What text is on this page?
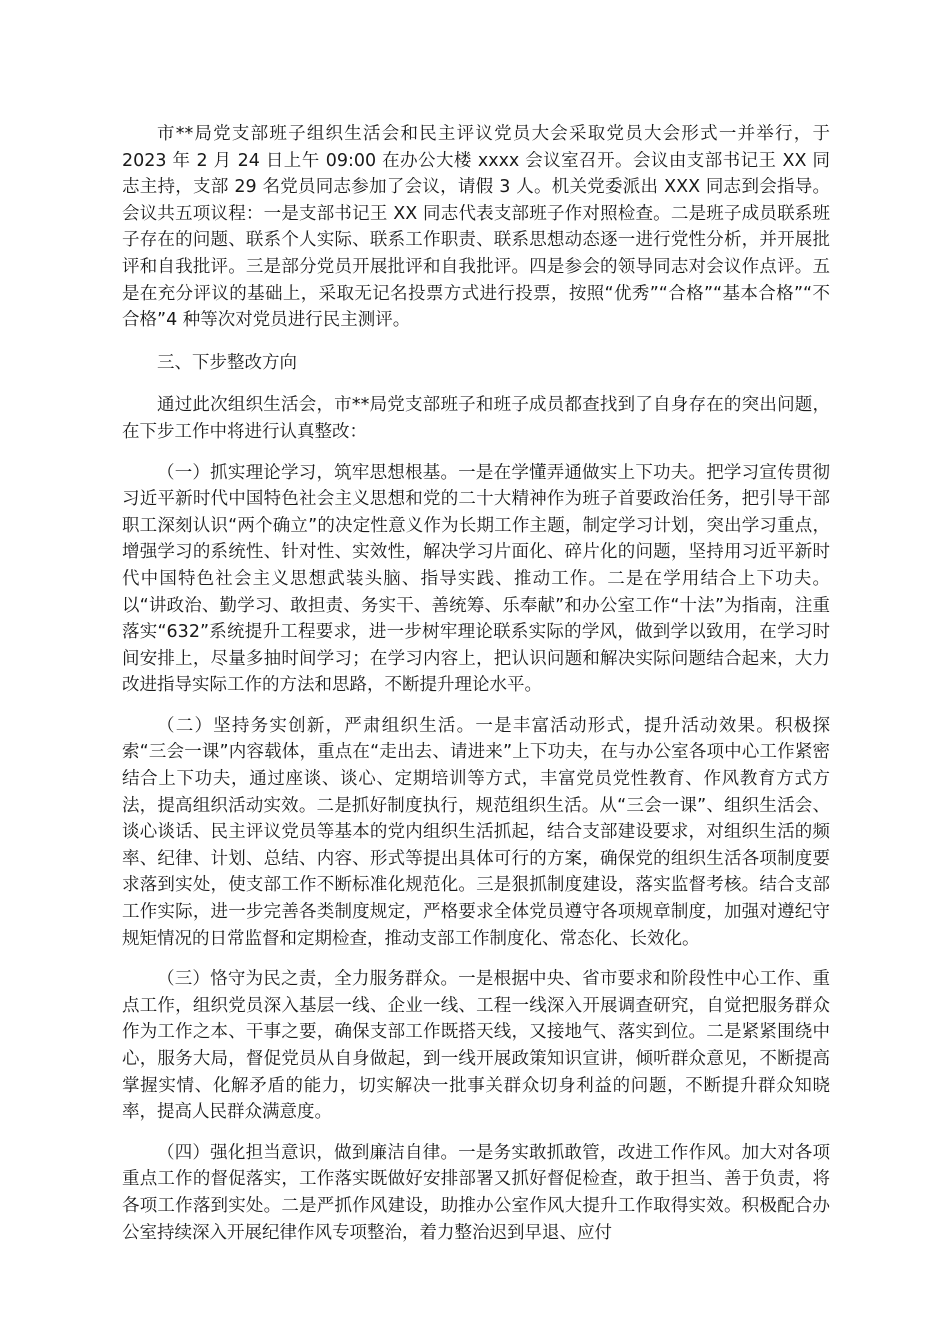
市**局党支部班子组织生活会和民主评议党员大会采取党员大会形式一并举行，于 2023 年 2 月 24 日上午 09:00 在办公大楼 xxxx 会议室召开。会议由支部书记王 XX 同志主持，支部 29 名党员同志参加了会议，请假 3 人。机关党委派出 XXX 同志到会指导。会议共五项议程：一是支部书记王 XX 同志代表支部班子作对照检查。二是班子成员联系班子存在的问题、联系个人实际、联系工作职责、联系思想动态逐一进行党性分析，并开展批评和自我批评。三是部分党员开展批评和自我批评。四是参会的领导同志对会议作点评。五是在充分评议的基础上，采取无记名投票方式进行投票，按照“优秀”“合格”“基本合格”“不合格”4 种等次对党员进行民主测评。

三、下步整改方向

通过此次组织生活会，市**局党支部班子和班子成员都查找到了自身存在的突出问题，在下步工作中将进行认真整改：

（一）抓实理论学习，筑牢思想根基。一是在学懂弄通做实上下功夫。把学习宣传贯彻习近平新时代中国特色社会主义思想和党的二十大精神作为班子首要政治任务，把引导干部职工深刻认识“两个确立”的决定性意义作为长期工作主题，制定学习计划，突出学习重点，增强学习的系统性、针对性、实效性，解决学习片面化、碎片化的问题，坚持用习近平新时代中国特色社会主义思想武装头脑、指导实践、推动工作。二是在学用结合上下功夫。以“讲政治、勤学习、敢担责、务实干、善统筹、乐奉献”和办公室工作“十法”为指南，注重落实“632”系统提升工程要求，进一步树牢理论联系实际的学风，做到学以致用，在学习时间安排上，尽量多抽时间学习；在学习内容上，把认识问题和解决实际问题结合起来，大力改进指导实际工作的方法和思路，不断提升理论水平。

（二）坚持务实创新，严肃组织生活。一是丰富活动形式，提升活动效果。积极探索“三会一课”内容载体，重点在“走出去、请进来”上下功夫，在与办公室各项中心工作紧密结合上下功夫，通过座谈、谈心、定期培训等方式，丰富党员党性教育、作风教育方式方法，提高组织活动实效。二是抓好制度执行，规范组织生活。从“三会一课”、组织生活会、谈心谈话、民主评议党员等基本的党内组织生活抓起，结合支部建设要求，对组织生活的频率、纪律、计划、总结、内容、形式等提出具体可行的方案，确保党的组织生活各项制度要求落到实处，使支部工作不断标准化规范化。三是狠抓制度建设，落实监督考核。结合支部工作实际，进一步完善各类制度规定，严格要求全体党员遵守各项规章制度，加强对遵纪守规矩情况的日常监督和定期检查，推动支部工作制度化、常态化、长效化。

（三）恪守为民之责，全力服务群众。一是根据中央、省市要求和阶段性中心工作、重点工作，组织党员深入基层一线、企业一线、工程一线深入开展调查研究，自觉把服务群众作为工作之本、干事之要，确保支部工作既搭天线，又接地气、落实到位。二是紧紧围绕中心，服务大局，督促党员从自身做起，到一线开展政策知识宣讲，倾听群众意见，不断提高掌握实情、化解矛盾的能力，切实解决一批事关群众切身利益的问题，不断提升群众知晓率，提高人民群众满意度。

（四）强化担当意识，做到廉洁自律。一是务实敢抓敢管，改进工作作风。加大对各项重点工作的督促落实，工作落实既做好安排部署又抓好督促检查，敢于担当、善于负责，将各项工作落到实处。二是严抓作风建设，助推办公室作风大提升工作取得实效。积极配合办公室持续深入开展纪律作风专项整治，着力整治迟到早退、应付
